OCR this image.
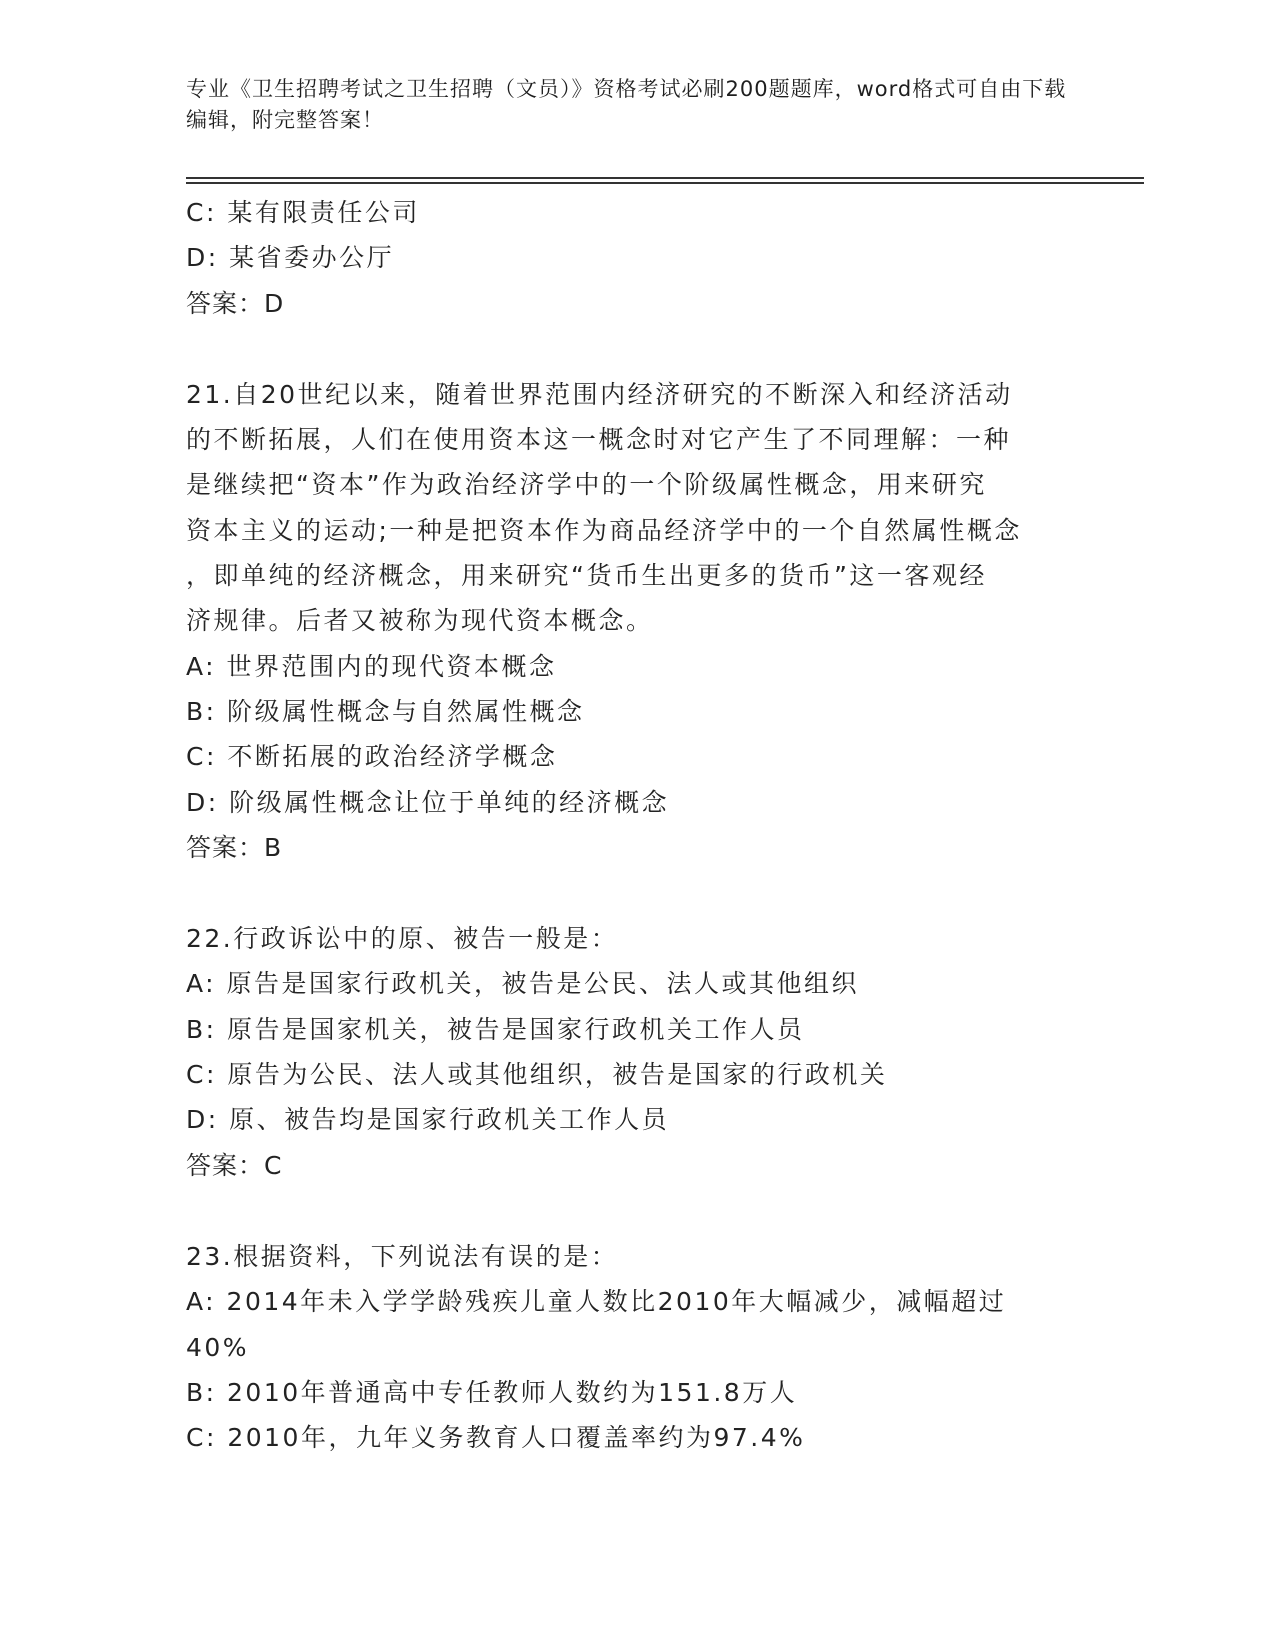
专业《卫生招聘考试之卫生招聘（文员）》资格考试必刷200题题库，word格式可自由下载编辑，附完整答案！
C: 某有限责任公司
D: 某省委办公厅
答案：D
21.自20世纪以来，随着世界范围内经济研究的不断深入和经济活动
的不断拓展，人们在使用资本这一概念时对它产生了不同理解：一种
是继续把“资本”作为政治经济学中的一个阶级属性概念，用来研究
资本主义的运动;一种是把资本作为商品经济学中的一个自然属性概念
，即单纯的经济概念，用来研究“货币生出更多的货币”这一客观经
济规律。后者又被称为现代资本概念。
A: 世界范围内的现代资本概念
B: 阶级属性概念与自然属性概念
C: 不断拓展的政治经济学概念
D: 阶级属性概念让位于单纯的经济概念
答案：B
22.行政诉讼中的原、被告一般是：
A: 原告是国家行政机关，被告是公民、法人或其他组织
B: 原告是国家机关，被告是国家行政机关工作人员
C: 原告为公民、法人或其他组织，被告是国家的行政机关
D: 原、被告均是国家行政机关工作人员
答案：C
23.根据资料，下列说法有误的是：
A: 2014年未入学学龄残疾儿童人数比2010年大幅减少，减幅超过
40%
B: 2010年普通高中专任教师人数约为151.8万人
C: 2010年，九年义务教育人口覆盖率约为97.4%
